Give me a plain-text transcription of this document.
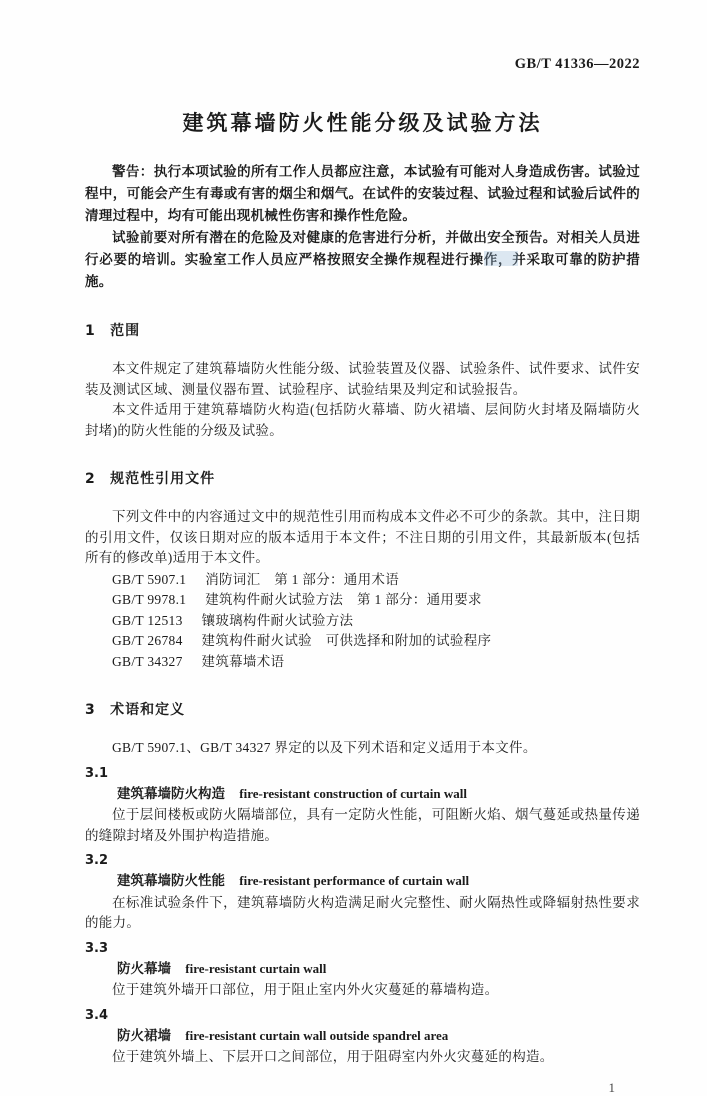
GB/T 41336—2022

建筑幕墙防火性能分级及试验方法

警告：执行本项试验的所有工作人员都应注意，本试验有可能对人身造成伤害。试验过程中，可能会产生有毒或有害的烟尘和烟气。在试件的安装过程、试验过程和试验后试件的清理过程中，均有可能出现机械性伤害和操作性危险。

试验前要对所有潜在的危险及对健康的危害进行分析，并做出安全预告。对相关人员进行必要的培训。实验室工作人员应严格按照安全操作规程进行操作，并采取可靠的防护措施。

1 范围

本文件规定了建筑幕墙防火性能分级、试验装置及仪器、试验条件、试件要求、试件安装及测试区域、测量仪器布置、试验程序、试验结果及判定和试验报告。

本文件适用于建筑幕墙防火构造(包括防火幕墙、防火裙墙、层间防火封堵及隔墙防火封堵)的防火性能的分级及试验。

2 规范性引用文件

下列文件中的内容通过文中的规范性引用而构成本文件必不可少的条款。其中，注日期的引用文件，仅该日期对应的版本适用于本文件；不注日期的引用文件，其最新版本(包括所有的修改单)适用于本文件。

GB/T 5907.1 消防词汇　第 1 部分：通用术语
GB/T 9978.1 建筑构件耐火试验方法　第 1 部分：通用要求
GB/T 12513 镶玻璃构件耐火试验方法
GB/T 26784 建筑构件耐火试验　可供选择和附加的试验程序
GB/T 34327 建筑幕墙术语
3 术语和定义

GB/T 5907.1、GB/T 34327 界定的以及下列术语和定义适用于本文件。

3.1

建筑幕墙防火构造 fire-resistant construction of curtain wall

位于层间楼板或防火隔墙部位，具有一定防火性能，可阻断火焰、烟气蔓延或热量传递的缝隙封堵及外围护构造措施。

3.2

建筑幕墙防火性能 fire-resistant performance of curtain wall

在标准试验条件下，建筑幕墙防火构造满足耐火完整性、耐火隔热性或降辐射热性要求的能力。

3.3

防火幕墙 fire-resistant curtain wall

位于建筑外墙开口部位，用于阻止室内外火灾蔓延的幕墙构造。

3.4

防火裙墙 fire-resistant curtain wall outside spandrel area

位于建筑外墙上、下层开口之间部位，用于阻碍室内外火灾蔓延的构造。

1
